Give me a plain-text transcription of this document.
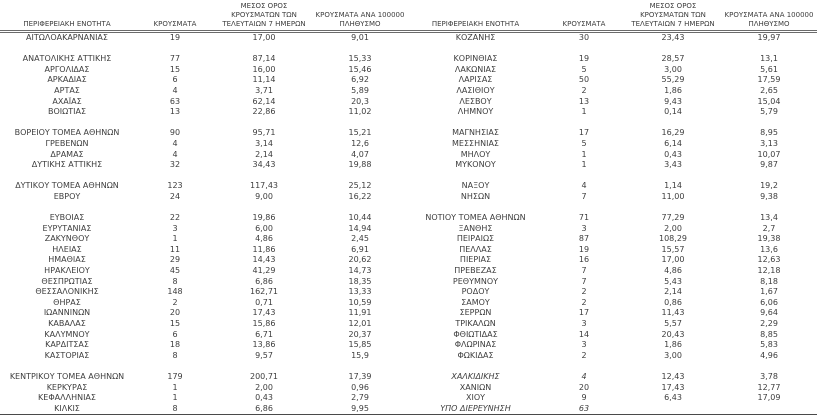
ΠΕΡΙΦΕΡΕΙΑΚΗ ΕΝΟΤΗΤΑ	ΚΡΟΥΣΜΑΤΑ	ΜΕΣΟΣ ΟΡΟΣ ΚΡΟΥΣΜΑΤΩΝ ΤΩΝ ΤΕΛΕΥΤΑΙΩΝ 7 ΗΜΕΡΩΝ	ΚΡΟΥΣΜΑΤΑ ΑΝΑ 100000 ΠΛΗΘΥΣΜΟ	ΠΕΡΙΦΕΡΕΙΑΚΗ ΕΝΟΤΗΤΑ	ΚΡΟΥΣΜΑΤΑ	ΜΕΣΟΣ ΟΡΟΣ ΚΡΟΥΣΜΑΤΩΝ ΤΩΝ ΤΕΛΕΥΤΑΙΩΝ 7 ΗΜΕΡΩΝ	ΚΡΟΥΣΜΑΤΑ ΑΝΑ 100000 ΠΛΗΘΥΣΜΟ
ΑΙΤΩΛΟΑΚΑΡΝΑΝΙΑΣ	19	17,00	9,01	ΚΟΖΑΝΗΣ	30	23,43	19,97

ΑΝΑΤΟΛΙΚΗΣ ΑΤΤΙΚΗΣ	77	87,14	15,33	ΚΟΡΙΝΘΙΑΣ	19	28,57	13,1
ΑΡΓΟΛΙΔΑΣ	15	16,00	15,46	ΛΑΚΩΝΙΑΣ	5	3,00	5,61
ΑΡΚΑΔΙΑΣ	6	11,14	6,92	ΛΑΡΙΣΑΣ	50	55,29	17,59
ΑΡΤΑΣ	4	3,71	5,89	ΛΑΣΙΘΙΟΥ	2	1,86	2,65
ΑΧΑΪΑΣ	63	62,14	20,3	ΛΕΣΒΟΥ	13	9,43	15,04
ΒΟΙΩΤΙΑΣ	13	22,86	11,02	ΛΗΜΝΟΥ	1	0,14	5,79

ΒΟΡΕΙΟΥ ΤΟΜΕΑ ΑΘΗΝΩΝ	90	95,71	15,21	ΜΑΓΝΗΣΙΑΣ	17	16,29	8,95
ΓΡΕΒΕΝΩΝ	4	3,14	12,6	ΜΕΣΣΗΝΙΑΣ	5	6,14	3,13
ΔΡΑΜΑΣ	4	2,14	4,07	ΜΗΛΟΥ	1	0,43	10,07
ΔΥΤΙΚΗΣ ΑΤΤΙΚΗΣ	32	34,43	19,88	ΜΥΚΟΝΟΥ	1	3,43	9,87

ΔΥΤΙΚΟΥ ΤΟΜΕΑ ΑΘΗΝΩΝ	123	117,43	25,12	ΝΑΞΟΥ	4	1,14	19,2
ΕΒΡΟΥ	24	9,00	16,22	ΝΗΣΩΝ	7	11,00	9,38

ΕΥΒΟΙΑΣ	22	19,86	10,44	ΝΟΤΙΟΥ ΤΟΜΕΑ ΑΘΗΝΩΝ	71	77,29	13,4
ΕΥΡΥΤΑΝΙΑΣ	3	6,00	14,94	ΞΑΝΘΗΣ	3	2,00	2,7
ΖΑΚΥΝΘΟΥ	1	4,86	2,45	ΠΕΙΡΑΙΩΣ	87	108,29	19,38
ΗΛΕΙΑΣ	11	11,86	6,91	ΠΕΛΛΑΣ	19	15,57	13,6
ΗΜΑΘΙΑΣ	29	14,43	20,62	ΠΙΕΡΙΑΣ	16	17,00	12,63
ΗΡΑΚΛΕΙΟΥ	45	41,29	14,73	ΠΡΕΒΕΖΑΣ	7	4,86	12,18
ΘΕΣΠΡΩΤΙΑΣ	8	6,86	18,35	ΡΕΘΥΜΝΟΥ	7	5,43	8,18
ΘΕΣΣΑΛΟΝΙΚΗΣ	148	162,71	13,33	ΡΟΔΟΥ	2	2,14	1,67
ΘΗΡΑΣ	2	0,71	10,59	ΣΑΜΟΥ	2	0,86	6,06
ΙΩΑΝΝΙΝΩΝ	20	17,43	11,91	ΣΕΡΡΩΝ	17	11,43	9,64
ΚΑΒΑΛΑΣ	15	15,86	12,01	ΤΡΙΚΑΛΩΝ	3	5,57	2,29
ΚΑΛΥΜΝΟΥ	6	6,71	20,37	ΦΘΙΩΤΙΔΑΣ	14	20,43	8,85
ΚΑΡΔΙΤΣΑΣ	18	13,86	15,85	ΦΛΩΡΙΝΑΣ	3	1,86	5,83
ΚΑΣΤΟΡΙΑΣ	8	9,57	15,9	ΦΩΚΙΔΑΣ	2	3,00	4,96

ΚΕΝΤΡΙΚΟΥ ΤΟΜΕΑ ΑΘΗΝΩΝ	179	200,71	17,39	ΧΑΛΚΙΔΙΚΗΣ	4	12,43	3,78
ΚΕΡΚΥΡΑΣ	1	2,00	0,96	ΧΑΝΙΩΝ	20	17,43	12,77
ΚΕΦΑΛΛΗΝΙΑΣ	1	0,43	2,79	ΧΙΟΥ	9	6,43	17,09
ΚΙΛΚΙΣ	8	6,86	9,95	ΥΠΟ ΔΙΕΡΕΥΝΗΣΗ	63		
